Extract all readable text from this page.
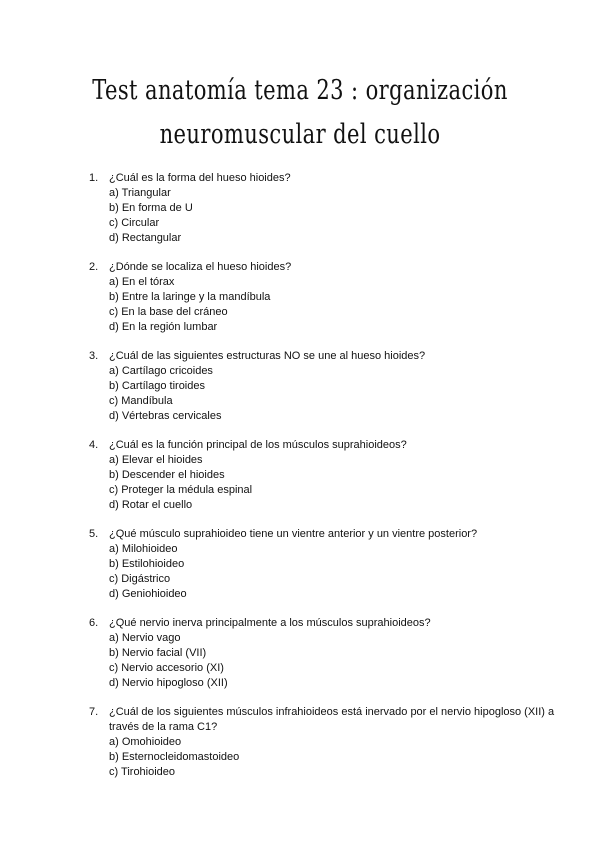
Test anatomía tema 23 : organización
neuromuscular del cuello
1. ¿Cuál es la forma del hueso hioides?
a) Triangular
b) En forma de U
c) Circular
d) Rectangular
2. ¿Dónde se localiza el hueso hioides?
a) En el tórax
b) Entre la laringe y la mandíbula
c) En la base del cráneo
d) En la región lumbar
3. ¿Cuál de las siguientes estructuras NO se une al hueso hioides?
a) Cartílago cricoides
b) Cartílago tiroides
c) Mandíbula
d) Vértebras cervicales
4. ¿Cuál es la función principal de los músculos suprahioideos?
a) Elevar el hioides
b) Descender el hioides
c) Proteger la médula espinal
d) Rotar el cuello
5. ¿Qué músculo suprahioideo tiene un vientre anterior y un vientre posterior?
a) Milohioideo
b) Estilohioideo
c) Digástrico
d) Geniohioideo
6. ¿Qué nervio inerva principalmente a los músculos suprahioideos?
a) Nervio vago
b) Nervio facial (VII)
c) Nervio accesorio (XI)
d) Nervio hipogloso (XII)
7. ¿Cuál de los siguientes músculos infrahioideos está inervado por el nervio hipogloso (XII) a través de la rama C1?
a) Omohioideo
b) Esternocleidomastoideo
c) Tirohioideo
